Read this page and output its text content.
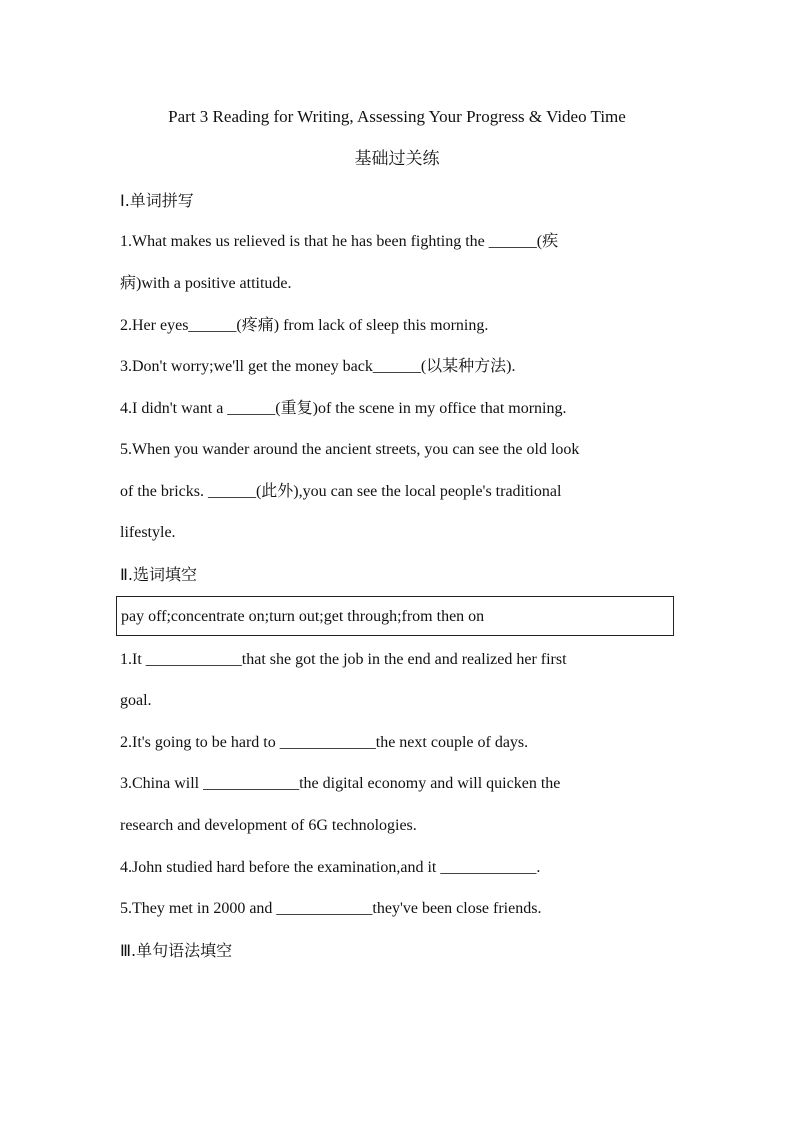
Part 3 Reading for Writing, Assessing Your Progress & Video Time
基础过关练
Ⅰ.单词拼写
1.What makes us relieved is that he has been fighting the ______(疾
病)with a positive attitude.
2.Her eyes______(疼痛) from lack of sleep this morning.
3.Don't worry;we'll get the money back______(以某种方法).
4.I didn't want a ______(重复)of the scene in my office that morning.
5.When you wander around the ancient streets, you can see the old look
of the bricks. ______(此外),you can see the local people's traditional
lifestyle.
Ⅱ.选词填空
pay off;concentrate on;turn out;get through;from then on
1.It ____________that she got the job in the end and realized her first
goal.
2.It's going to be hard to ____________the next couple of days.
3.China will ____________the digital economy and will quicken the
research and development of 6G technologies.
4.John studied hard before the examination,and it ____________.
5.They met in 2000 and ____________they've been close friends.
Ⅲ.单句语法填空
